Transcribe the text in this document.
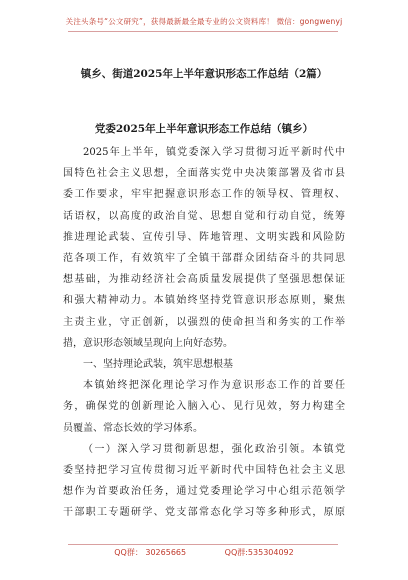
关注头条号“公文研究”，获得最新最全最专业的公文资料库！ 微信：gongwenyj
镇乡、街道2025年上半年意识形态工作总结（2篇）
党委2025年上半年意识形态工作总结（镇乡）

2025年上半年，镇党委深入学习贯彻习近平新时代中

国特色社会主义思想，全面落实党中央决策部署及省市县

委工作要求，牢牢把握意识形态工作的领导权、管理权、

话语权，以高度的政治自觉、思想自觉和行动自觉，统筹

推进理论武装、宣传引导、阵地管理、文明实践和风险防

范各项工作，有效筑牢了全镇干部群众团结奋斗的共同思

想基础，为推动经济社会高质量发展提供了坚强思想保证

和强大精神动力。本镇始终坚持党管意识形态原则，聚焦

主责主业，守正创新，以强烈的使命担当和务实的工作举

措，意识形态领域呈现向上向好态势。

一、坚持理论武装，筑牢思想根基

本镇始终把深化理论学习作为意识形态工作的首要任

务，确保党的创新理论入脑入心、见行见效，努力构建全

员覆盖、常态长效的学习体系。

（一）深入学习贯彻新思想，强化政治引领。本镇党

委坚持把学习宣传贯彻习近平新时代中国特色社会主义思

想作为首要政治任务，通过党委理论学习中心组示范领学

干部职工专题研学、党支部常态化学习等多种形式，原原

QQ群： 30265665	QQ群:535304092
